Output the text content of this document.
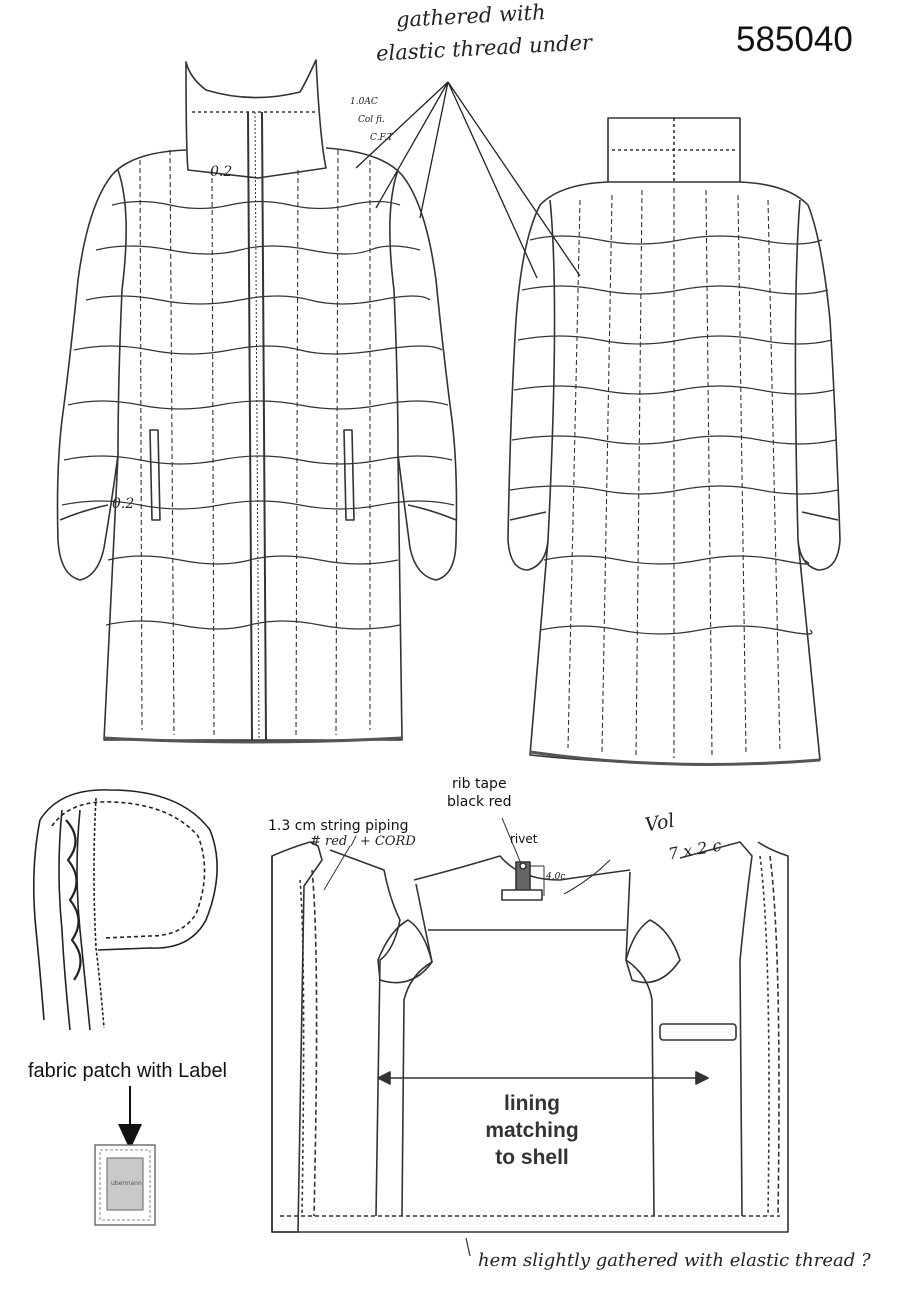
585040
gathered with
elastic thread under
0.2
0.2
1.0AC
Col fi.
C.F.T
fabric patch with Label
ubermann
rib tape
black red
rivet
4.0c
1.3 cm string piping
# red / + CORD
Vol
7 x 2 c
lining
matching
to shell
hem slightly gathered with elastic thread ?
